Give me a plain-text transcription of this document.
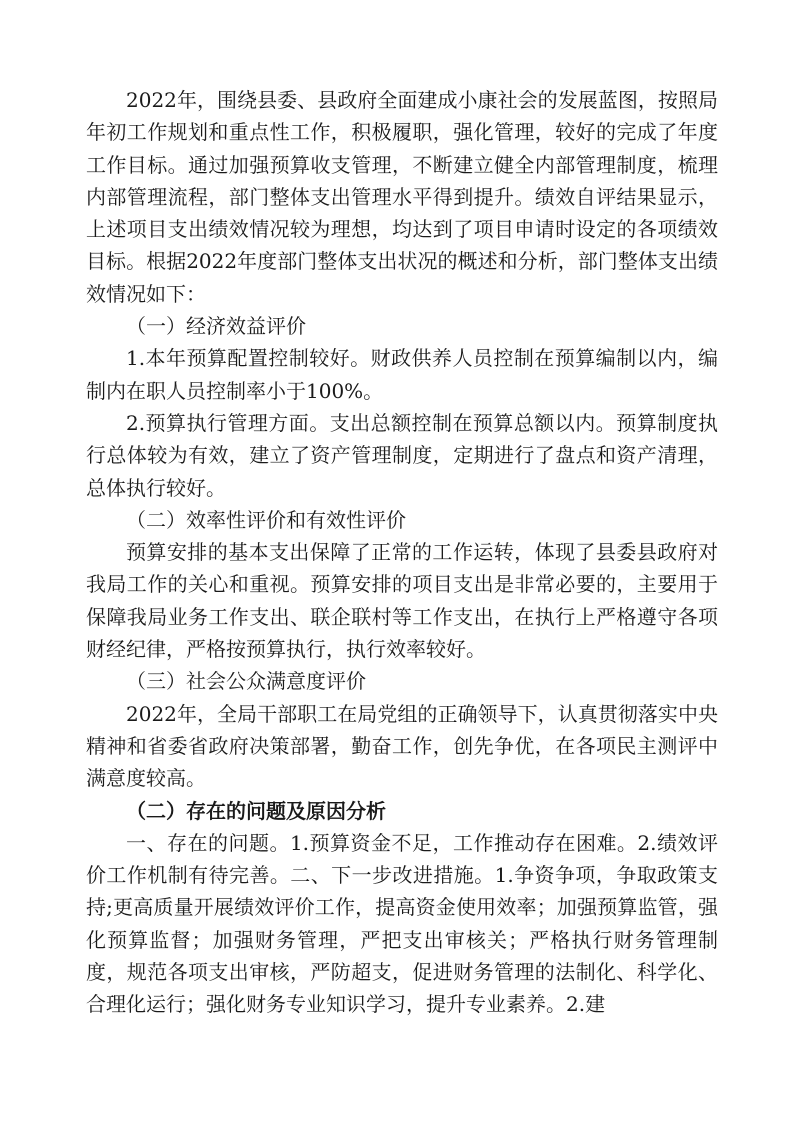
2022年，围绕县委、县政府全面建成小康社会的发展蓝图，按照局年初工作规划和重点性工作，积极履职，强化管理，较好的完成了年度工作目标。通过加强预算收支管理，不断建立健全内部管理制度，梳理内部管理流程，部门整体支出管理水平得到提升。绩效自评结果显示，上述项目支出绩效情况较为理想，均达到了项目申请时设定的各项绩效目标。根据2022年度部门整体支出状况的概述和分析，部门整体支出绩效情况如下：

（一）经济效益评价

1.本年预算配置控制较好。财政供养人员控制在预算编制以内，编制内在职人员控制率小于100%。

2.预算执行管理方面。支出总额控制在预算总额以内。预算制度执行总体较为有效，建立了资产管理制度，定期进行了盘点和资产清理，总体执行较好。

（二）效率性评价和有效性评价

预算安排的基本支出保障了正常的工作运转，体现了县委县政府对我局工作的关心和重视。预算安排的项目支出是非常必要的，主要用于保障我局业务工作支出、联企联村等工作支出，在执行上严格遵守各项财经纪律，严格按预算执行，执行效率较好。

（三）社会公众满意度评价

2022年，全局干部职工在局党组的正确领导下，认真贯彻落实中央精神和省委省政府决策部署，勤奋工作，创先争优，在各项民主测评中满意度较高。

（二）存在的问题及原因分析

一、存在的问题。1.预算资金不足，工作推动存在困难。2.绩效评价工作机制有待完善。二、下一步改进措施。1.争资争项，争取政策支持;更高质量开展绩效评价工作，提高资金使用效率；加强预算监管，强化预算监督；加强财务管理，严把支出审核关；严格执行财务管理制度，规范各项支出审核，严防超支，促进财务管理的法制化、科学化、合理化运行；强化财务专业知识学习，提升专业素养。2.建
